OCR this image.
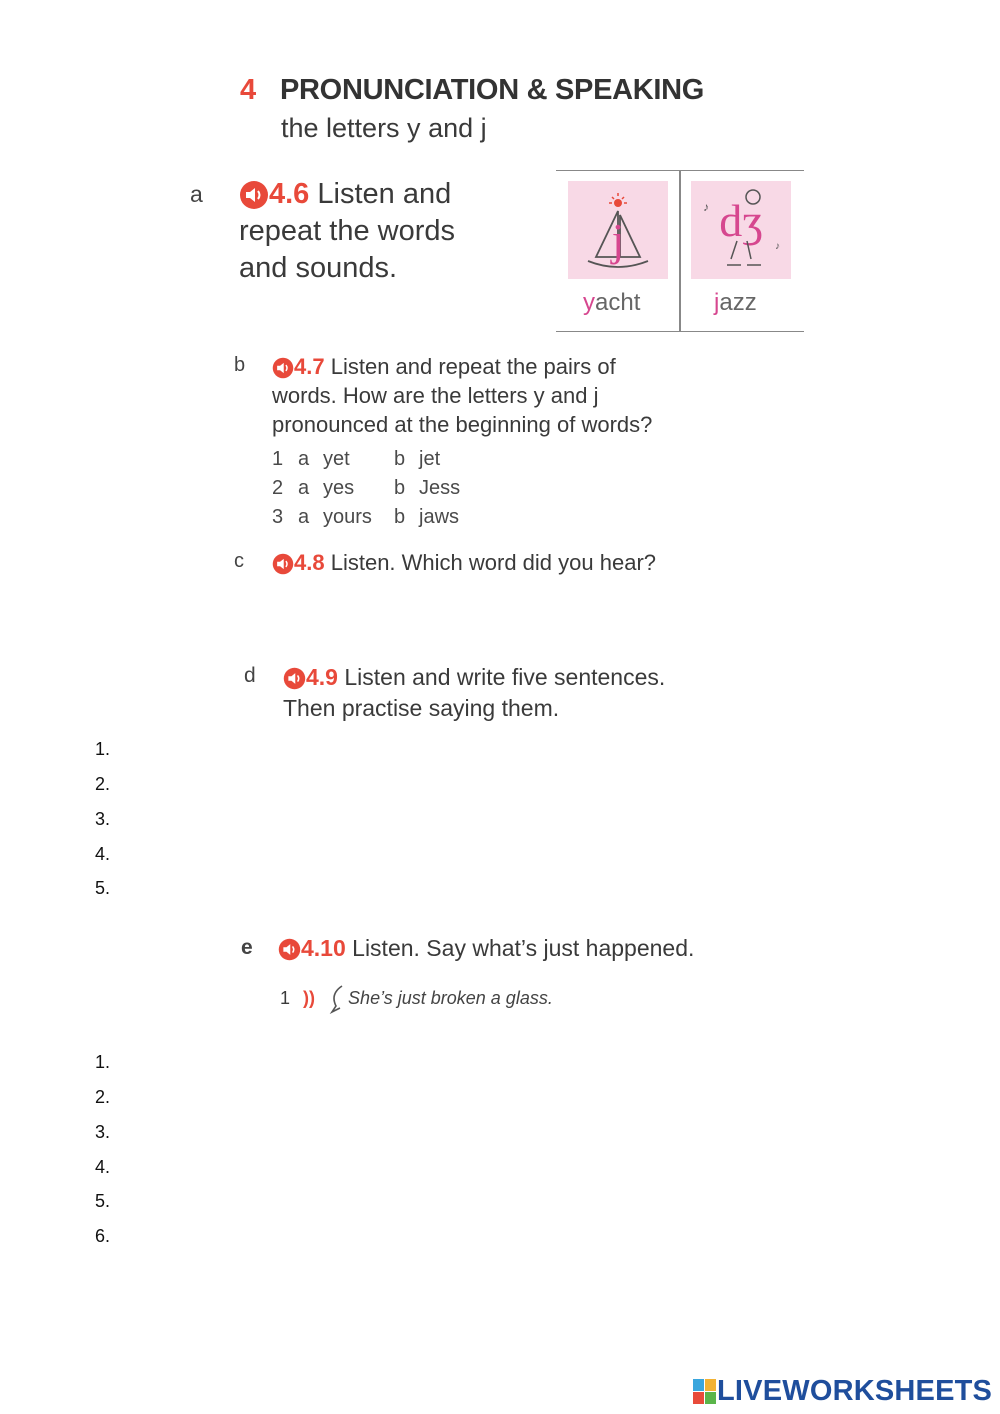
4 PRONUNCIATION & SPEAKING
the letters y and j
a	4.6 Listen and
repeat the words
and sounds.
j dʒ
♪
♪
yacht	jazz
b	4.7 Listen and repeat the pairs of
words. How are the letters y and j
pronounced at the beginning of words?
1 a yet b jet
2 a yes b Jess
3 a yours b jaws
c	4.8 Listen. Which word did you hear?
d	4.9 Listen and write five sentences.
Then practise saying them.
1.
2.
3.
4.
5.
e	4.10 Listen. Say what’s just happened.
1 )) She’s just broken a glass.
1.
2.
3.
4.
5.
6.
LIVEWORKSHEETS
